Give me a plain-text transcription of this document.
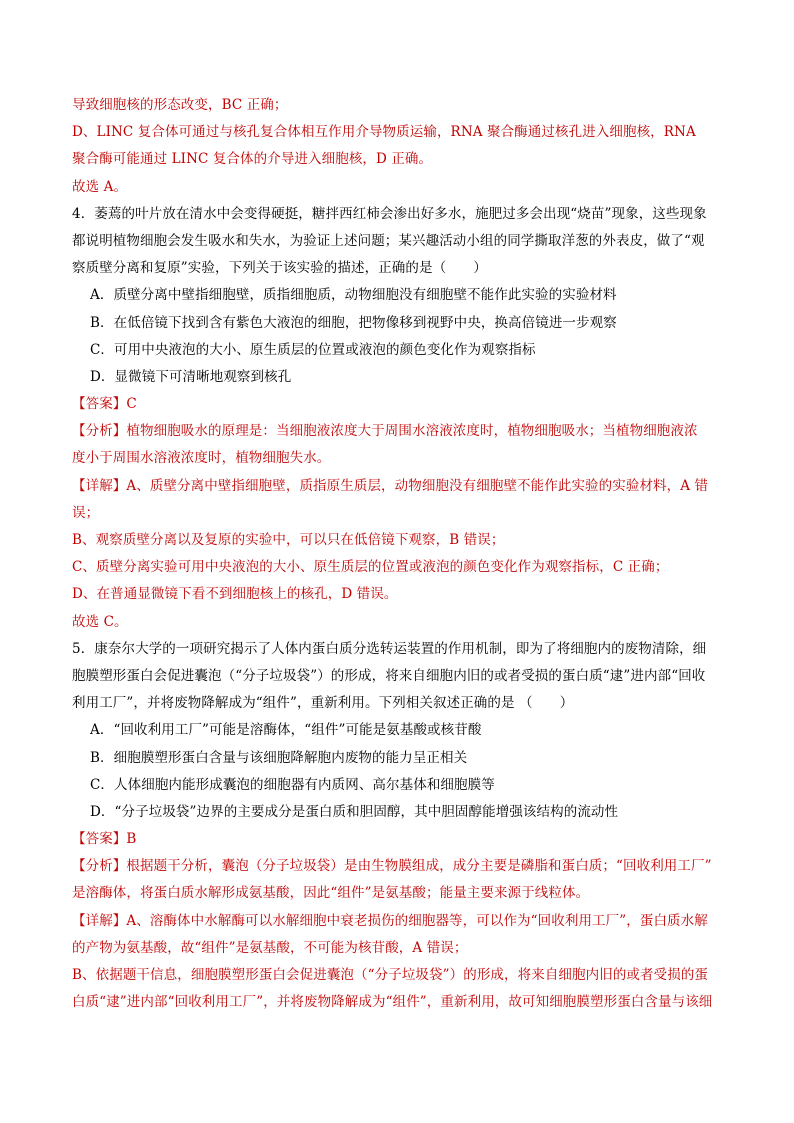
导致细胞核的形态改变，BC 正确；
D、LINC 复合体可通过与核孔复合体相互作用介导物质运输，RNA 聚合酶通过核孔进入细胞核，RNA
聚合酶可能通过 LINC 复合体的介导进入细胞核，D 正确。
故选 A。
4．萎蔫的叶片放在清水中会变得硬挺，糖拌西红柿会渗出好多水，施肥过多会出现“烧苗”现象，这些现象
都说明植物细胞会发生吸水和失水，为验证上述问题；某兴趣活动小组的同学撕取洋葱的外表皮，做了“观
察质壁分离和复原”实验，下列关于该实验的描述，正确的是（　　）
A．质壁分离中壁指细胞壁，质指细胞质，动物细胞没有细胞壁不能作此实验的实验材料
B．在低倍镜下找到含有紫色大液泡的细胞，把物像移到视野中央，换高倍镜进一步观察
C．可用中央液泡的大小、原生质层的位置或液泡的颜色变化作为观察指标
D．显微镜下可清晰地观察到核孔
【答案】C
【分析】植物细胞吸水的原理是：当细胞液浓度大于周围水溶液浓度时，植物细胞吸水；当植物细胞液浓
度小于周围水溶液浓度时，植物细胞失水。
【详解】A、质壁分离中壁指细胞壁，质指原生质层，动物细胞没有细胞壁不能作此实验的实验材料，A 错
误；
B、观察质壁分离以及复原的实验中，可以只在低倍镜下观察，B 错误；
C、质壁分离实验可用中央液泡的大小、原生质层的位置或液泡的颜色变化作为观察指标，C 正确；
D、在普通显微镜下看不到细胞核上的核孔，D 错误。
故选 C。
5．康奈尔大学的一项研究揭示了人体内蛋白质分选转运装置的作用机制，即为了将细胞内的废物清除，细
胞膜塑形蛋白会促进囊泡（“分子垃圾袋”）的形成，将来自细胞内旧的或者受损的蛋白质“逮”进内部“回收
利用工厂”，并将废物降解成为“组件”，重新利用。下列相关叙述正确的是 （　　）
A．“回收利用工厂”可能是溶酶体，“组件”可能是氨基酸或核苷酸
B．细胞膜塑形蛋白含量与该细胞降解胞内废物的能力呈正相关
C．人体细胞内能形成囊泡的细胞器有内质网、高尔基体和细胞膜等
D．“分子垃圾袋”边界的主要成分是蛋白质和胆固醇，其中胆固醇能增强该结构的流动性
【答案】B
【分析】根据题干分析，囊泡（分子垃圾袋）是由生物膜组成，成分主要是磷脂和蛋白质；“回收利用工厂”
是溶酶体，将蛋白质水解形成氨基酸，因此“组件”是氨基酸；能量主要来源于线粒体。
【详解】A、溶酶体中水解酶可以水解细胞中衰老损伤的细胞器等，可以作为“回收利用工厂”，蛋白质水解
的产物为氨基酸，故“组件”是氨基酸，不可能为核苷酸，A 错误；
B、依据题干信息，细胞膜塑形蛋白会促进囊泡（“分子垃圾袋”）的形成，将来自细胞内旧的或者受损的蛋
白质“逮”进内部“回收利用工厂”，并将废物降解成为“组件”，重新利用，故可知细胞膜塑形蛋白含量与该细
